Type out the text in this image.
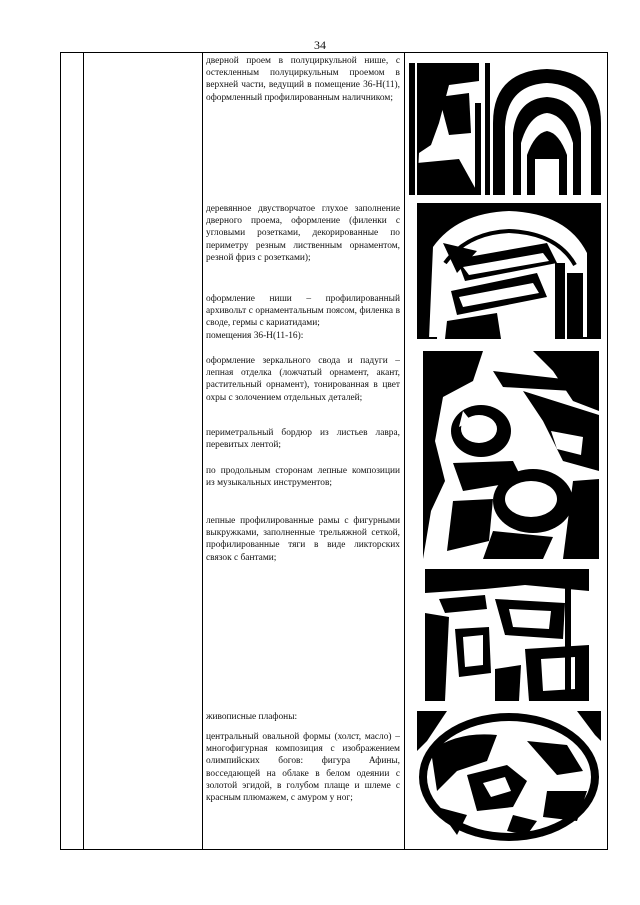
34

дверной проем в полуциркульной нише, с остекленным полуциркульным проемом в верхней части, ведущий в помещение 36-Н(11), оформленный профилированным наличником;

деревянное двустворчатое глухое заполнение дверного проема, оформление (филенки с угловыми розетками, декорированные по периметру резным лиственным орнаментом, резной фриз с розетками);

оформление ниши – профилированный архивольт с орнаментальным поясом, филенка в своде, гермы с кариатидами;

помещения 36-Н(11-16):

оформление зеркального свода и падуги – лепная отделка (ложчатый орнамент, акант, растительный орнамент), тонированная в цвет охры с золочением отдельных деталей;

периметральный бордюр из листьев лавра, перевитых лентой;

по продольным сторонам лепные композиции из музыкальных инструментов;

лепные профилированные рамы с фигурными выкружками, заполненные трельяжной сеткой, профилированные тяги в виде ликторских связок с бантами;

живописные плафоны:

центральный овальной формы (холст, масло) – многофигурная композиция с изображением олимпийских богов: фигура Афины, восседающей на облаке в белом одеянии с золотой эгидой, в голубом плаще и шлеме с красным плюмажем, с амуром у ног;
